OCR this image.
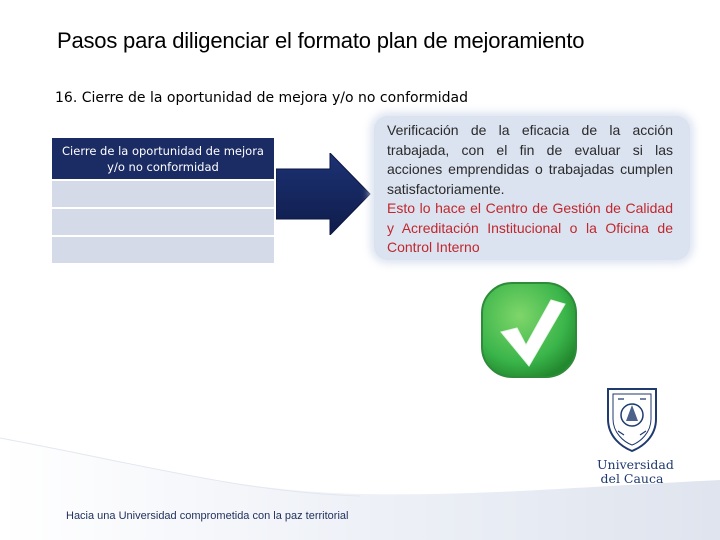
Pasos para diligenciar el formato plan de mejoramiento
16. Cierre de la oportunidad de mejora y/o no conformidad
Cierre de la oportunidad de mejora
y/o no conformidad

Verificación de la eficacia de la acción trabajada, con el fin de evaluar si las acciones emprendidas o trabajadas cumplen satisfactoriamente.

Esto lo hace el Centro de Gestión de Calidad y Acreditación Institucional o la Oficina de Control Interno

Universidad
del Cauca
Hacia una Universidad comprometida con la paz territorial
